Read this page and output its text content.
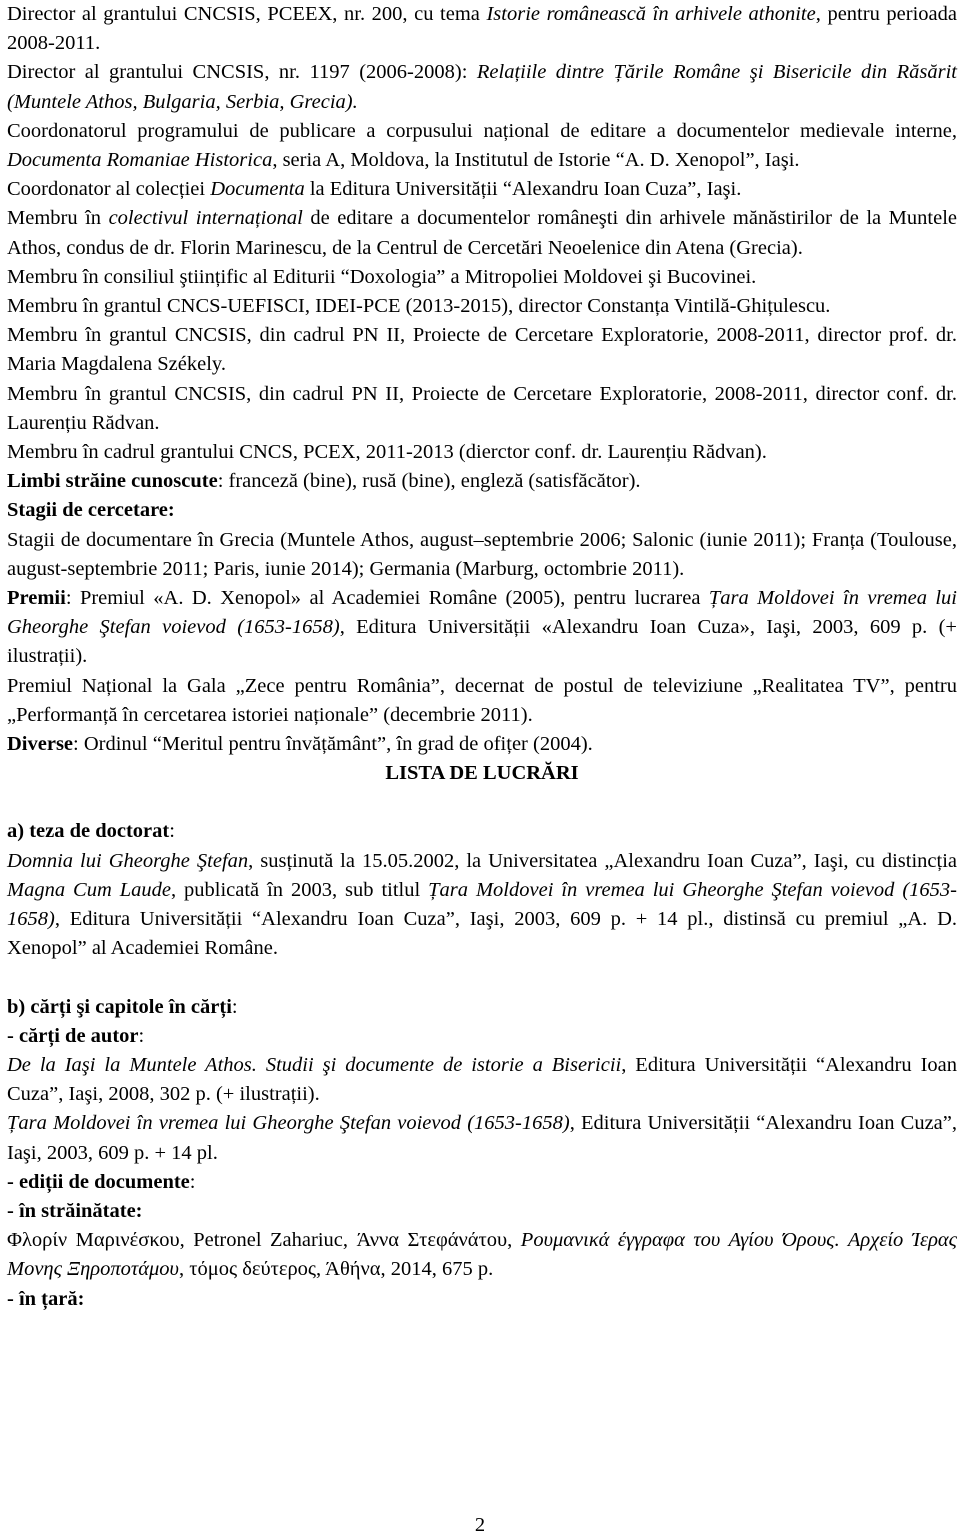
Director al grantului CNCSIS, PCEEX, nr. 200, cu tema Istorie românească în arhivele athonite, pentru perioada 2008-2011.

Director al grantului CNCSIS, nr. 1197 (2006-2008): Relațiile dintre Țările Române şi Bisericile din Răsărit (Muntele Athos, Bulgaria, Serbia, Grecia).

Coordonatorul programului de publicare a corpusului național de editare a documentelor medievale interne, Documenta Romaniae Historica, seria A, Moldova, la Institutul de Istorie “A. D. Xenopol”, Iaşi.

Coordonator al colecției Documenta la Editura Universității “Alexandru Ioan Cuza”, Iaşi.

Membru în colectivul internațional de editare a documentelor româneşti din arhivele mănăstirilor de la Muntele Athos, condus de dr. Florin Marinescu, de la Centrul de Cercetări Neoelenice din Atena (Grecia).

Membru în consiliul ştiințific al Editurii “Doxologia” a Mitropoliei Moldovei şi Bucovinei.

Membru în grantul CNCS-UEFISCI, IDEI-PCE (2013-2015), director Constanța Vintilă-Ghițulescu.

Membru în grantul CNCSIS, din cadrul PN II, Proiecte de Cercetare Exploratorie, 2008-2011, director prof. dr. Maria Magdalena Székely.

Membru în grantul CNCSIS, din cadrul PN II, Proiecte de Cercetare Exploratorie, 2008-2011, director conf. dr. Laurențiu Rădvan.

Membru în cadrul grantului CNCS, PCEX, 2011-2013 (dierctor conf. dr. Laurențiu Rădvan).

Limbi străine cunoscute: franceză (bine), rusă (bine), engleză (satisfăcător).

Stagii de cercetare:

Stagii de documentare în Grecia (Muntele Athos, august–septembrie 2006; Salonic (iunie 2011); Franța (Toulouse, august-septembrie 2011; Paris, iunie 2014); Germania (Marburg, octombrie 2011).

Premii: Premiul «A. D. Xenopol» al Academiei Române (2005), pentru lucrarea Țara Moldovei în vremea lui Gheorghe Ştefan voievod (1653-1658), Editura Universității «Alexandru Ioan Cuza», Iaşi, 2003, 609 p. (+ ilustrații).

Premiul Național la Gala „Zece pentru România”, decernat de postul de televiziune „Realitatea TV”, pentru „Performanță în cercetarea istoriei naționale” (decembrie 2011).

Diverse: Ordinul “Meritul pentru învățământ”, în grad de ofițer (2004).

LISTA DE LUCRĂRI

a) teza de doctorat:

Domnia lui Gheorghe Ştefan, susținută la 15.05.2002, la Universitatea „Alexandru Ioan Cuza”, Iaşi, cu distincția Magna Cum Laude, publicată în 2003, sub titlul Țara Moldovei în vremea lui Gheorghe Ştefan voievod (1653-1658), Editura Universității “Alexandru Ioan Cuza”, Iaşi, 2003, 609 p. + 14 pl., distinsă cu premiul „A. D. Xenopol” al Academiei Române.

b) cărți şi capitole în cărți:

- cărți de autor:

De la Iaşi la Muntele Athos. Studii şi documente de istorie a Bisericii, Editura Universității “Alexandru Ioan Cuza”, Iaşi, 2008, 302 p. (+ ilustrații).

Țara Moldovei în vremea lui Gheorghe Ştefan voievod (1653-1658), Editura Universității “Alexandru Ioan Cuza”, Iaşi, 2003, 609 p. + 14 pl.

- ediții de documente:

- în străinătate:

Φλορίν Μαρινέσκου, Petronel Zahariuc, Άννα Στεφάνάτου, Ρουμανικά έγγραφα του Αγίου Όρους. Αρχείο Ίερας Μονης Ξηροποτάμου, τόμος δεύτερος, Άθήνα, 2014, 675 p.

- în țară:

2
